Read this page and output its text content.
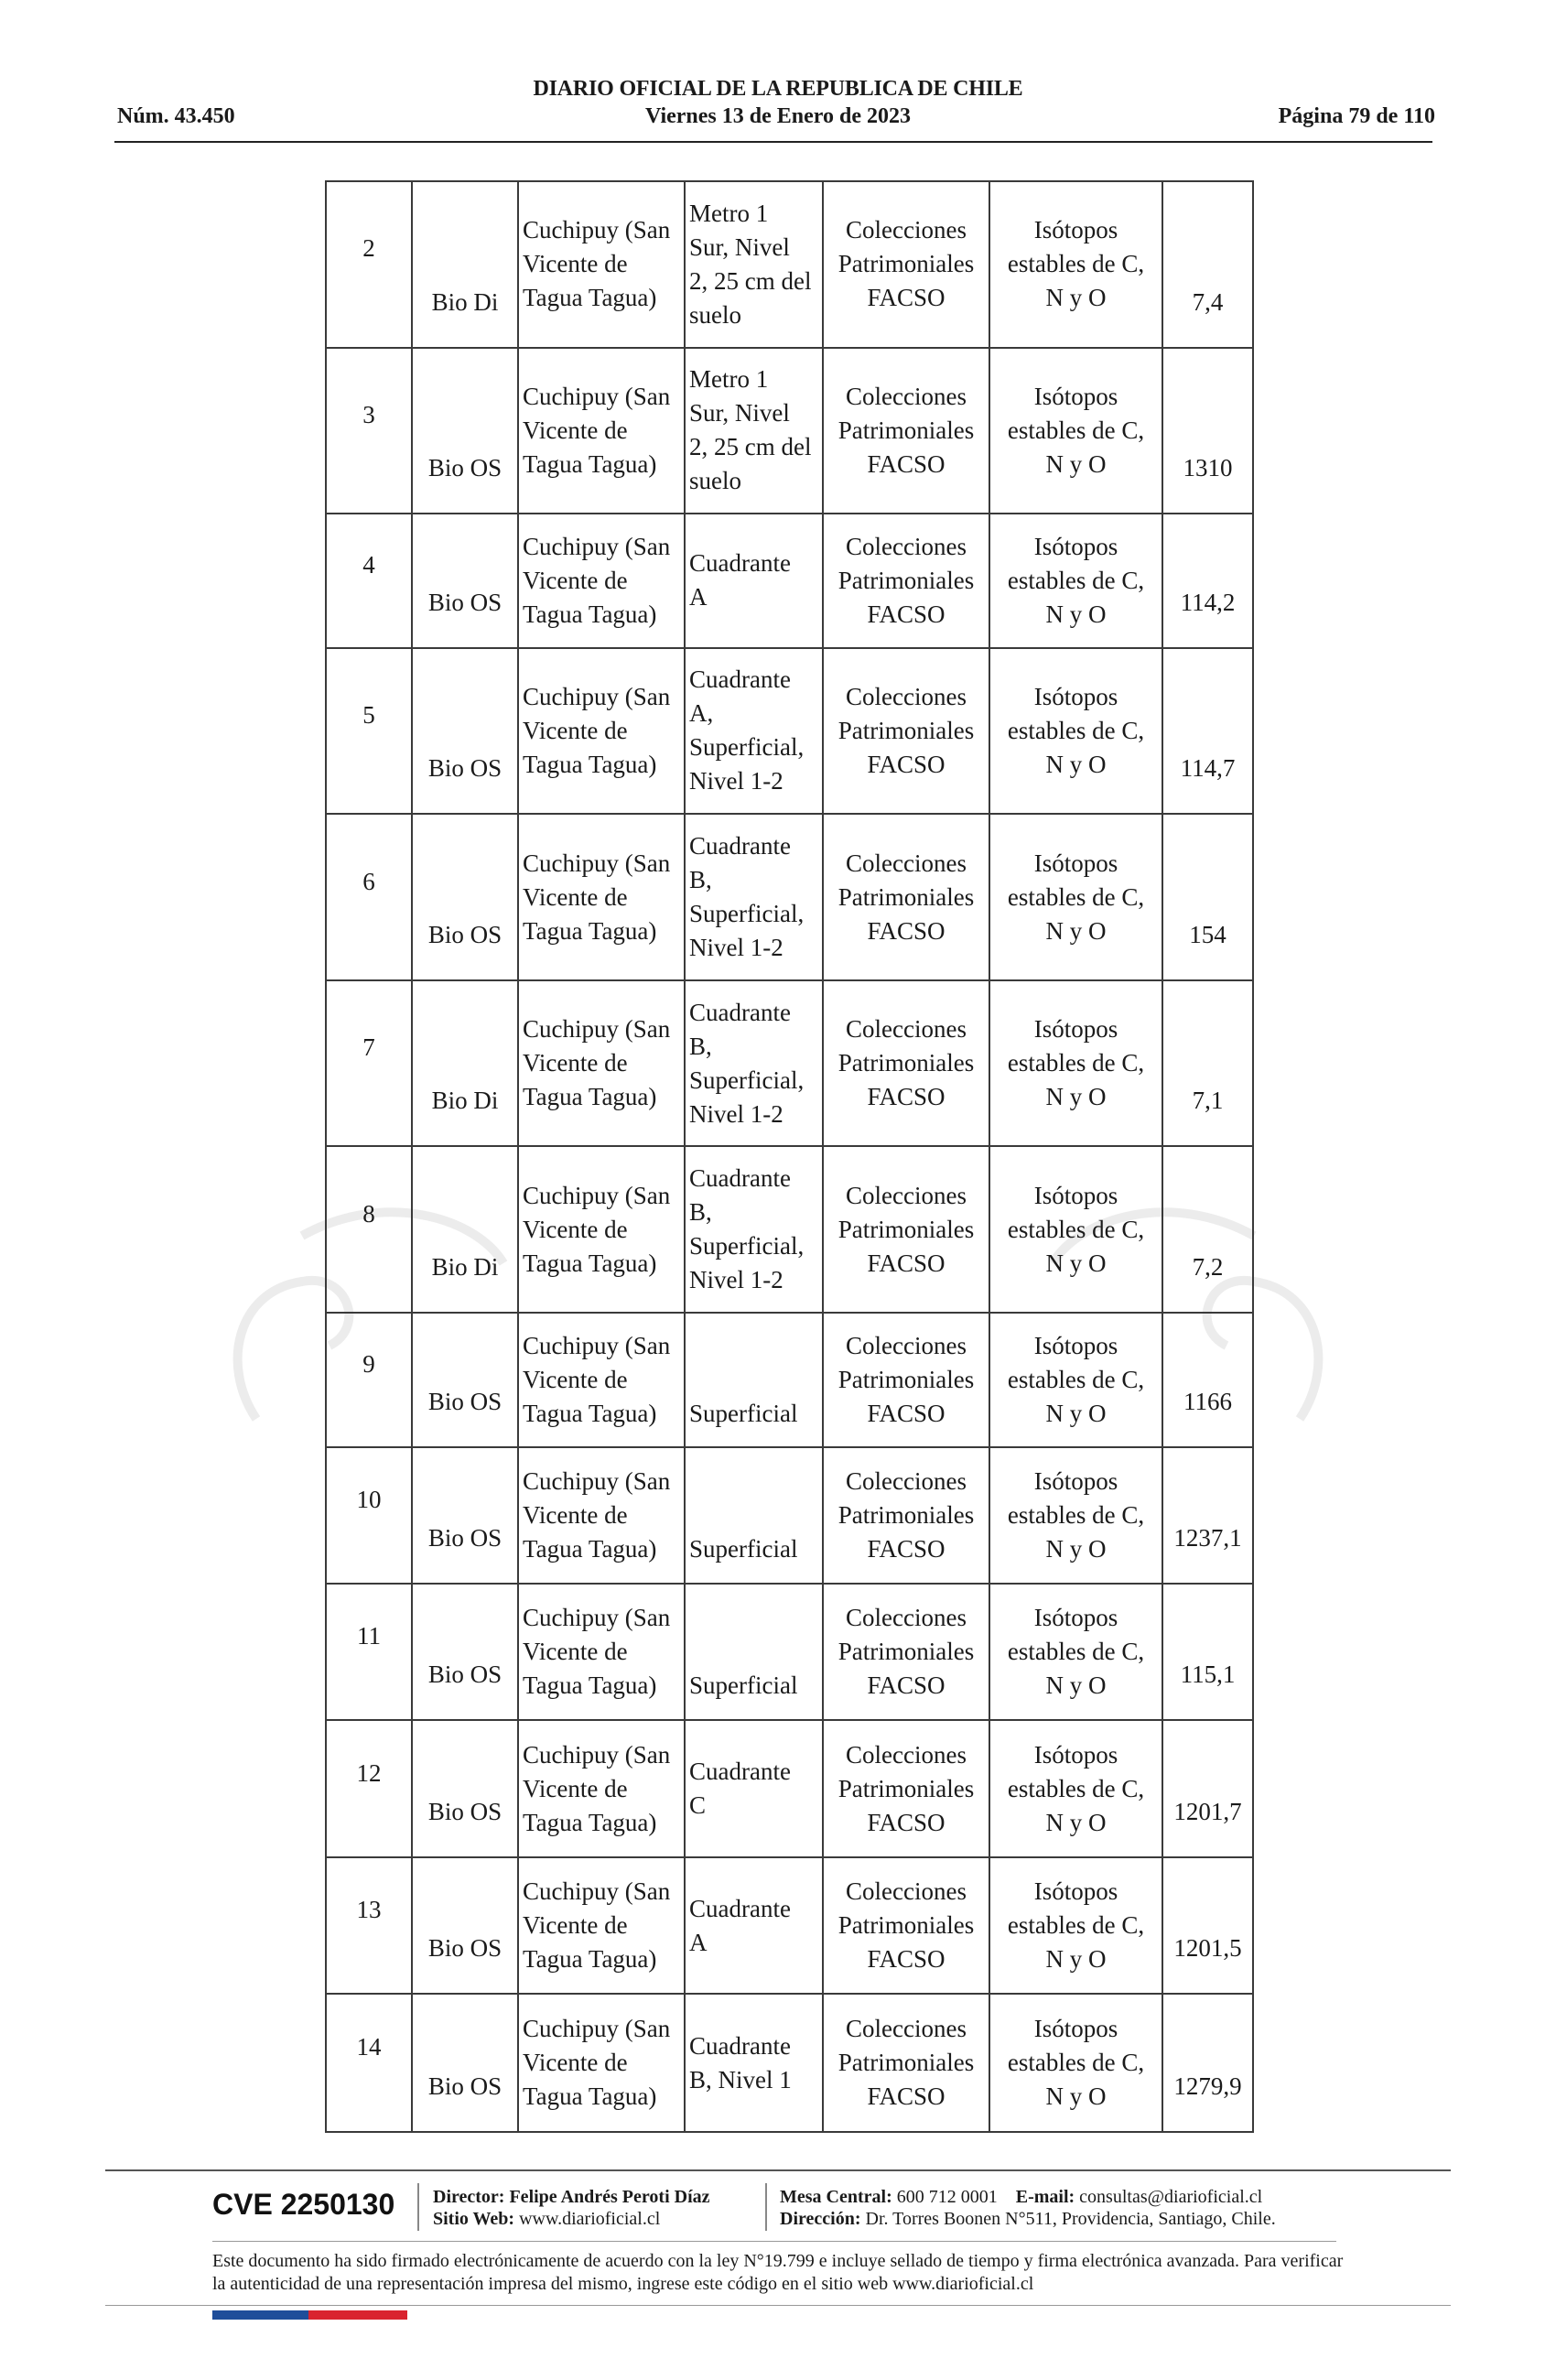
DIARIO OFICIAL DE LA REPUBLICA DE CHILE
Núm. 43.450	Viernes 13 de Enero de 2023	Página 79 de 110
2	Bio Di	Cuchipuy (San
Vicente de
Tagua Tagua)	Metro 1
Sur, Nivel
2, 25 cm del
suelo	Colecciones
Patrimoniales
FACSO	Isótopos
estables de C,
N y O	7,4

3	Bio OS	Cuchipuy (San
Vicente de
Tagua Tagua)	Metro 1
Sur, Nivel
2, 25 cm del
suelo	Colecciones
Patrimoniales
FACSO	Isótopos
estables de C,
N y O	1310

4	Bio OS	Cuchipuy (San
Vicente de
Tagua Tagua)	Cuadrante
A	Colecciones
Patrimoniales
FACSO	Isótopos
estables de C,
N y O	114,2

5	Bio OS	Cuchipuy (San
Vicente de
Tagua Tagua)	Cuadrante
A,
Superficial,
Nivel 1-2	Colecciones
Patrimoniales
FACSO	Isótopos
estables de C,
N y O	114,7

6	Bio OS	Cuchipuy (San
Vicente de
Tagua Tagua)	Cuadrante
B,
Superficial,
Nivel 1-2	Colecciones
Patrimoniales
FACSO	Isótopos
estables de C,
N y O	154

7	Bio Di	Cuchipuy (San
Vicente de
Tagua Tagua)	Cuadrante
B,
Superficial,
Nivel 1-2	Colecciones
Patrimoniales
FACSO	Isótopos
estables de C,
N y O	7,1

8	Bio Di	Cuchipuy (San
Vicente de
Tagua Tagua)	Cuadrante
B,
Superficial,
Nivel 1-2	Colecciones
Patrimoniales
FACSO	Isótopos
estables de C,
N y O	7,2

9	Bio OS	Cuchipuy (San
Vicente de
Tagua Tagua)	

Superficial	Colecciones
Patrimoniales
FACSO	Isótopos
estables de C,
N y O	1166

10	Bio OS	Cuchipuy (San
Vicente de
Tagua Tagua)	

Superficial	Colecciones
Patrimoniales
FACSO	Isótopos
estables de C,
N y O	1237,1

11	Bio OS	Cuchipuy (San
Vicente de
Tagua Tagua)	

Superficial	Colecciones
Patrimoniales
FACSO	Isótopos
estables de C,
N y O	115,1

12	Bio OS	Cuchipuy (San
Vicente de
Tagua Tagua)	Cuadrante
C	Colecciones
Patrimoniales
FACSO	Isótopos
estables de C,
N y O	1201,7

13	Bio OS	Cuchipuy (San
Vicente de
Tagua Tagua)	Cuadrante
A	Colecciones
Patrimoniales
FACSO	Isótopos
estables de C,
N y O	1201,5

14	Bio OS	Cuchipuy (San
Vicente de
Tagua Tagua)	Cuadrante
B, Nivel 1	Colecciones
Patrimoniales
FACSO	Isótopos
estables de C,
N y O	1279,9
CVE 2250130 Director: Felipe Andrés Peroti Díaz
Sitio Web: www.diarioficial.cl
Mesa Central: 600 712 0001 E-mail: consultas@diarioficial.cl
Dirección: Dr. Torres Boonen N°511, Providencia, Santiago, Chile.
Este documento ha sido firmado electrónicamente de acuerdo con la ley N°19.799 e incluye sellado de tiempo y firma electrónica avanzada. Para verificar la autenticidad de una representación impresa del mismo, ingrese este código en el sitio web www.diarioficial.cl
